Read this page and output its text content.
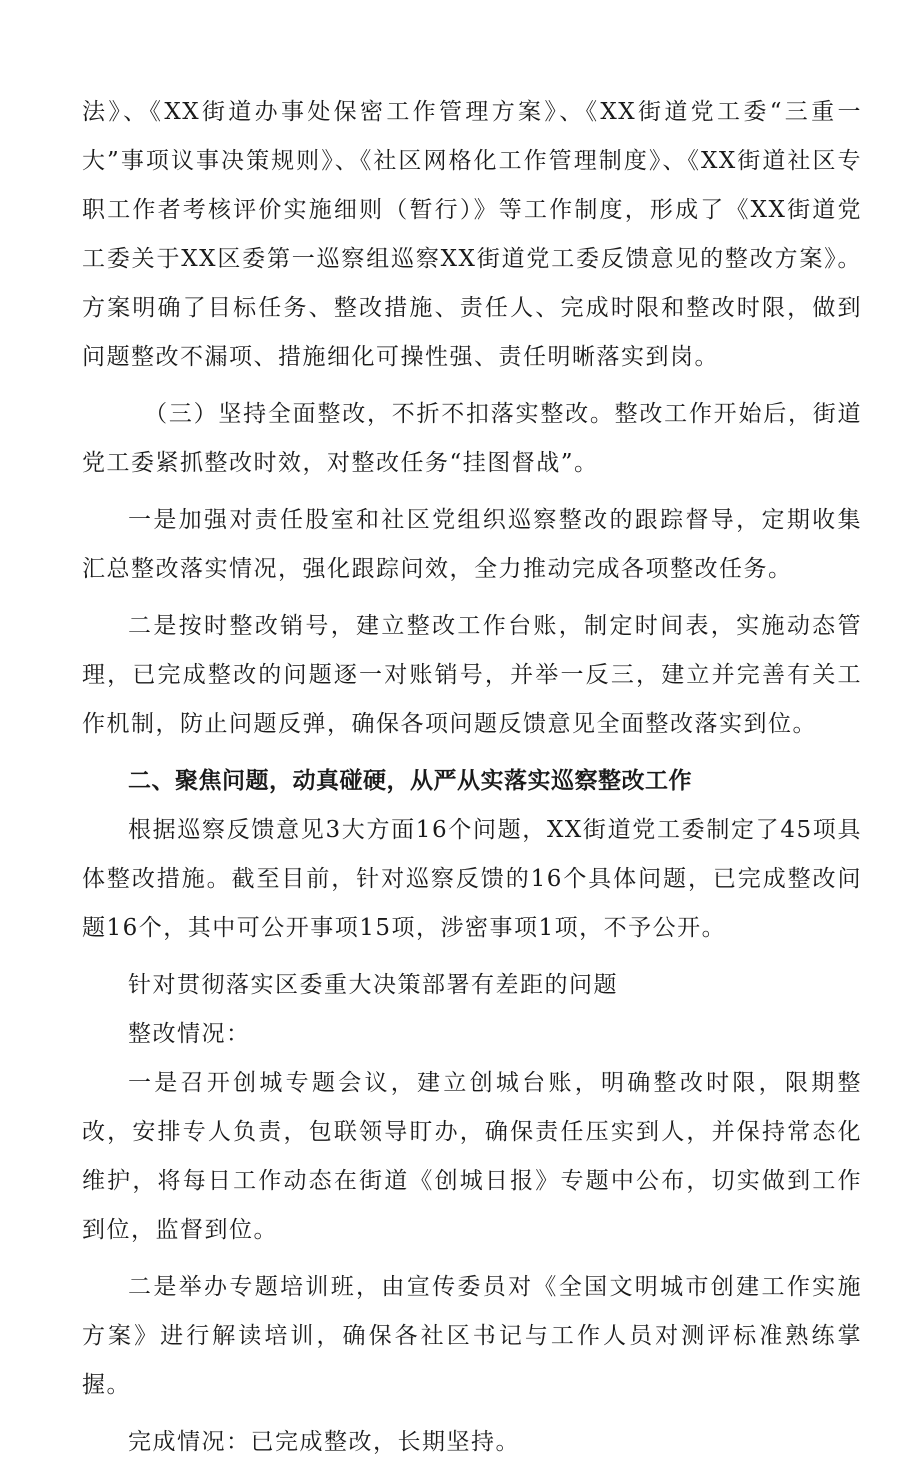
法》、《XX街道办事处保密工作管理方案》、《XX街道党工委“三重一大”事项议事决策规则》、《社区网格化工作管理制度》、《XX街道社区专职工作者考核评价实施细则（暂行）》等工作制度，形成了《XX街道党工委关于XX区委第一巡察组巡察XX街道党工委反馈意见的整改方案》。方案明确了目标任务、整改措施、责任人、完成时限和整改时限，做到问题整改不漏项、措施细化可操性强、责任明晰落实到岗。

（三）坚持全面整改，不折不扣落实整改。整改工作开始后，街道党工委紧抓整改时效，对整改任务“挂图督战”。

一是加强对责任股室和社区党组织巡察整改的跟踪督导，定期收集汇总整改落实情况，强化跟踪问效，全力推动完成各项整改任务。

二是按时整改销号，建立整改工作台账，制定时间表，实施动态管理，已完成整改的问题逐一对账销号，并举一反三，建立并完善有关工作机制，防止问题反弹，确保各项问题反馈意见全面整改落实到位。

二、聚焦问题，动真碰硬，从严从实落实巡察整改工作

根据巡察反馈意见3大方面16个问题，XX街道党工委制定了45项具体整改措施。截至目前，针对巡察反馈的16个具体问题，已完成整改问题16个，其中可公开事项15项，涉密事项1项，不予公开。

针对贯彻落实区委重大决策部署有差距的问题

整改情况：

一是召开创城专题会议，建立创城台账，明确整改时限，限期整改，安排专人负责，包联领导盯办，确保责任压实到人，并保持常态化维护，将每日工作动态在街道《创城日报》专题中公布，切实做到工作到位，监督到位。

二是举办专题培训班，由宣传委员对《全国文明城市创建工作实施方案》进行解读培训，确保各社区书记与工作人员对测评标准熟练掌握。

完成情况：已完成整改，长期坚持。
